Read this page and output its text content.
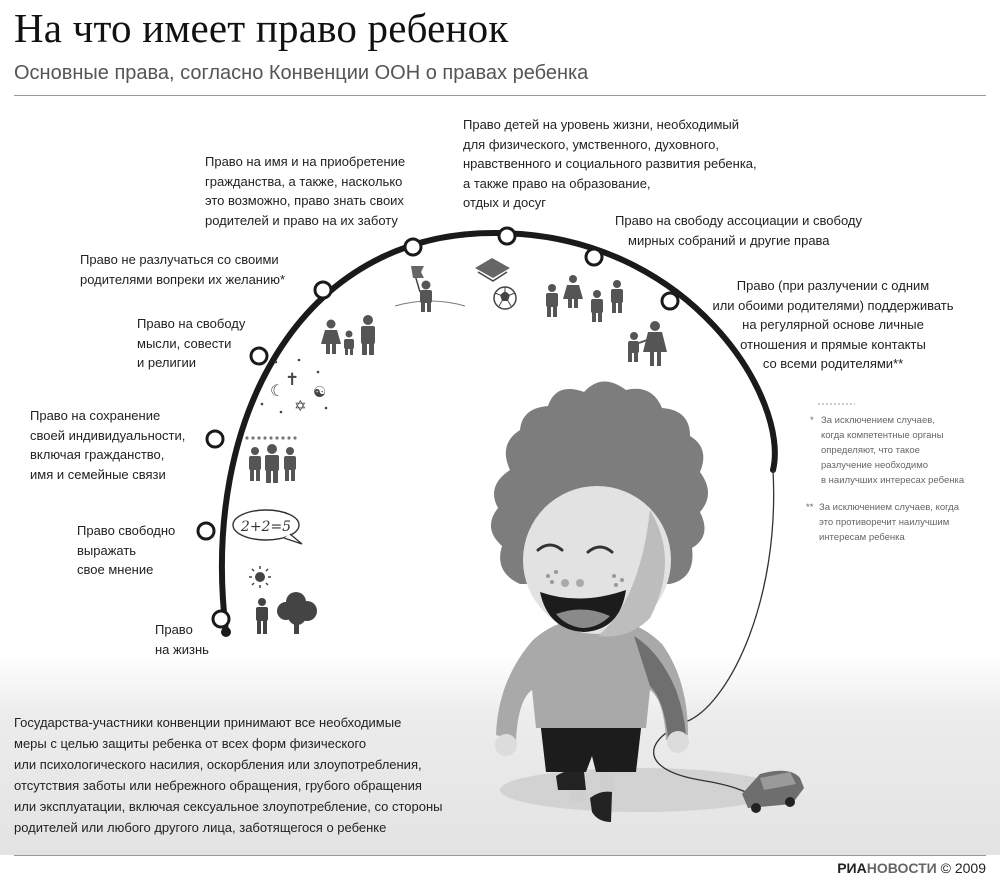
На что имеет право ребенок
Основные права, согласно Конвенции ООН о правах ребенка
2+2=5
☾
✝
☯
✡
Право
на жизнь
Право свободно
выражать
свое мнение
Право на сохранение
своей индивидуальности,
включая гражданство,
имя и семейные связи
Право на свободу
мысли, совести
и религии
Право не разлучаться со своими
родителями вопреки их желанию*
Право на имя и на приобретение
гражданства, а также, насколько
это возможно, право знать своих
родителей и право на их заботу
Право детей на уровень жизни, необходимый
для физического, умственного, духовного,
нравственного и социального развития ребенка,
а также право на образование,
отдых и досуг
Право на свободу ассоциации и свободу
мирных собраний и другие права
Право (при разлучении с одним
или обоими родителями) поддерживать
на регулярной основе личные
отношения и прямые контакты
со всеми родителями**
* За исключением случаев,
когда компетентные органы
определяют, что такое
разлучение необходимо
в наилучших интересах ребенка
** За исключением случаев, когда
это противоречит наилучшим
интересам ребенка
Государства-участники конвенции принимают все необходимые
меры с целью защиты ребенка от всех форм физического
или психологического насилия, оскорбления или злоупотребления,
отсутствия заботы или небрежного обращения, грубого обращения
или эксплуатации, включая сексуальное злоупотребление, со стороны
родителей или любого другого лица, заботящегося о ребенке
РИАНОВОСТИ © 2009
